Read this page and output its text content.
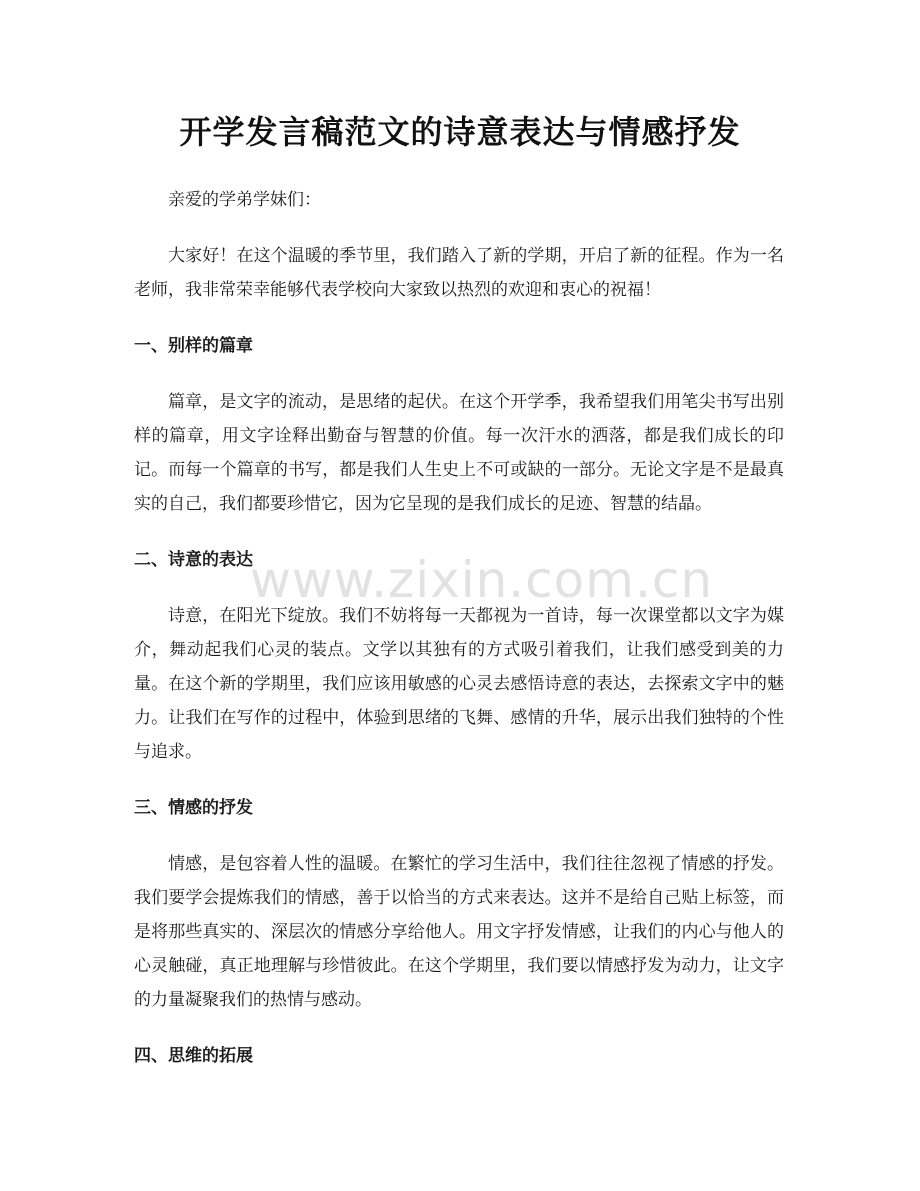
开学发言稿范文的诗意表达与情感抒发

亲爱的学弟学妹们：

大家好！在这个温暖的季节里，我们踏入了新的学期，开启了新的征程。作为一名老师，我非常荣幸能够代表学校向大家致以热烈的欢迎和衷心的祝福！

一、别样的篇章

篇章，是文字的流动，是思绪的起伏。在这个开学季，我希望我们用笔尖书写出别样的篇章，用文字诠释出勤奋与智慧的价值。每一次汗水的洒落，都是我们成长的印记。而每一个篇章的书写，都是我们人生史上不可或缺的一部分。无论文字是不是最真实的自己，我们都要珍惜它，因为它呈现的是我们成长的足迹、智慧的结晶。

二、诗意的表达

诗意，在阳光下绽放。我们不妨将每一天都视为一首诗，每一次课堂都以文字为媒介，舞动起我们心灵的装点。文学以其独有的方式吸引着我们，让我们感受到美的力量。在这个新的学期里，我们应该用敏感的心灵去感悟诗意的表达，去探索文字中的魅力。让我们在写作的过程中，体验到思绪的飞舞、感情的升华，展示出我们独特的个性与追求。

三、情感的抒发

情感，是包容着人性的温暖。在繁忙的学习生活中，我们往往忽视了情感的抒发。我们要学会提炼我们的情感，善于以恰当的方式来表达。这并不是给自己贴上标签，而是将那些真实的、深层次的情感分享给他人。用文字抒发情感，让我们的内心与他人的心灵触碰，真正地理解与珍惜彼此。在这个学期里，我们要以情感抒发为动力，让文字的力量凝聚我们的热情与感动。

四、思维的拓展
www.zixin.com.cn
